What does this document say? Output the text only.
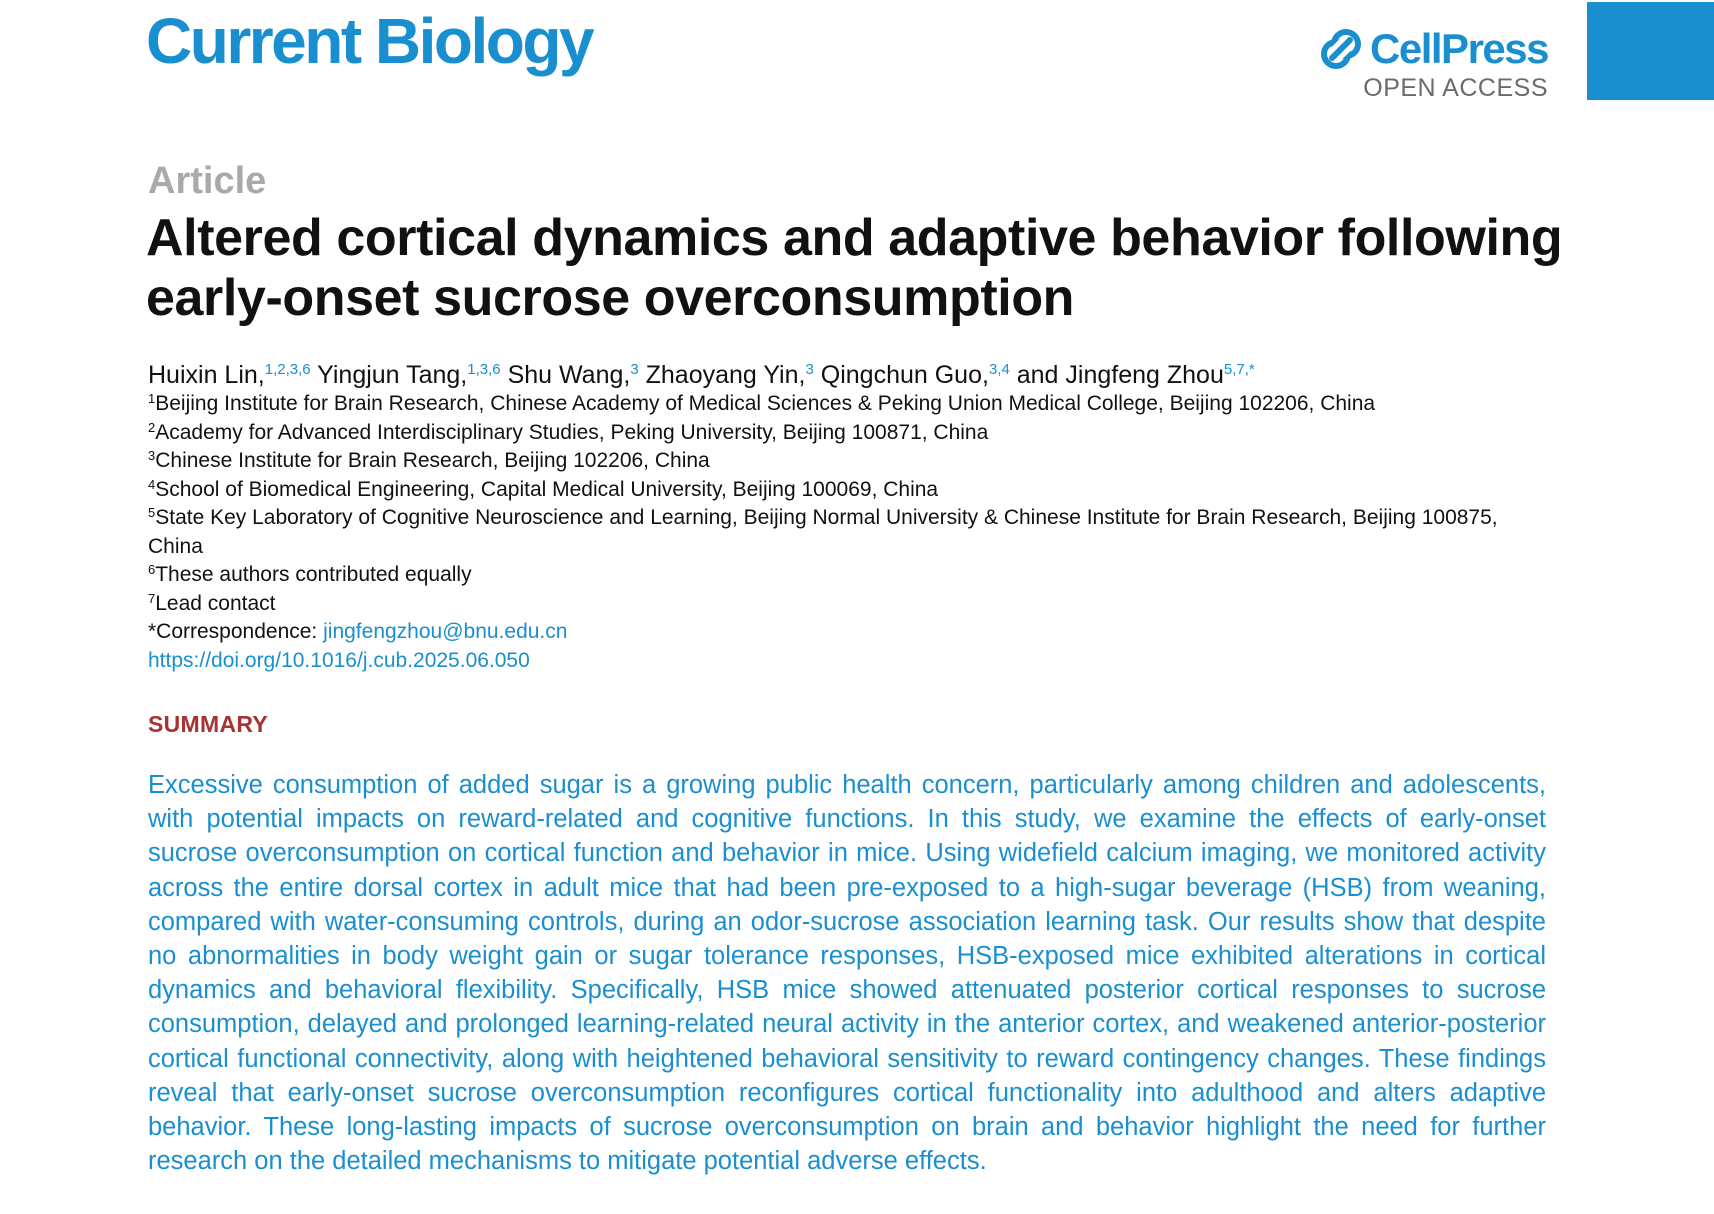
Current Biology	CellPress
OPEN ACCESS
Article
Altered cortical dynamics and adaptive behavior following early-onset sucrose overconsumption
Huixin Lin,$^{1,2,3,6}$ Yingjun Tang,$^{1,3,6}$ Shu Wang,$^3$ Zhaoyang Yin,$^3$ Qingchun Guo,$^{3,4}$ and Jingfeng Zhou$^{5,7,*}$
$^1$Beijing Institute for Brain Research, Chinese Academy of Medical Sciences & Peking Union Medical College, Beijing 102206, China
$^2$Academy for Advanced Interdisciplinary Studies, Peking University, Beijing 100871, China
$^3$Chinese Institute for Brain Research, Beijing 102206, China
$^4$School of Biomedical Engineering, Capital Medical University, Beijing 100069, China
$^5$State Key Laboratory of Cognitive Neuroscience and Learning, Beijing Normal University & Chinese Institute for Brain Research, Beijing 100875, China
$^6$These authors contributed equally
$^7$Lead contact
*Correspondence: jingfengzhou@bnu.edu.cn
https://doi.org/10.1016/j.cub.2025.06.050
SUMMARY

Excessive consumption of added sugar is a growing public health concern, particularly among children and adolescents, with potential impacts on reward-related and cognitive functions. In this study, we examine the effects of early-onset sucrose overconsumption on cortical function and behavior in mice. Using widefield calcium imaging, we monitored activity across the entire dorsal cortex in adult mice that had been pre-exposed to a high-sugar beverage (HSB) from weaning, compared with water-consuming controls, during an odor-sucrose association learning task. Our results show that despite no abnormalities in body weight gain or sugar tolerance responses, HSB-exposed mice exhibited alterations in cortical dynamics and behavioral flexibility. Specifically, HSB mice showed attenuated posterior cortical responses to sucrose consumption, delayed and prolonged learning-related neural activity in the anterior cortex, and weakened anterior-posterior cortical functional connectivity, along with heightened behavioral sensitivity to reward contingency changes. These findings reveal that early-onset sucrose overconsumption reconfigures cortical functionality into adulthood and alters adaptive behavior. These long-lasting impacts of sucrose overconsumption on brain and behavior highlight the need for further research on the detailed mechanisms to mitigate potential adverse effects.
